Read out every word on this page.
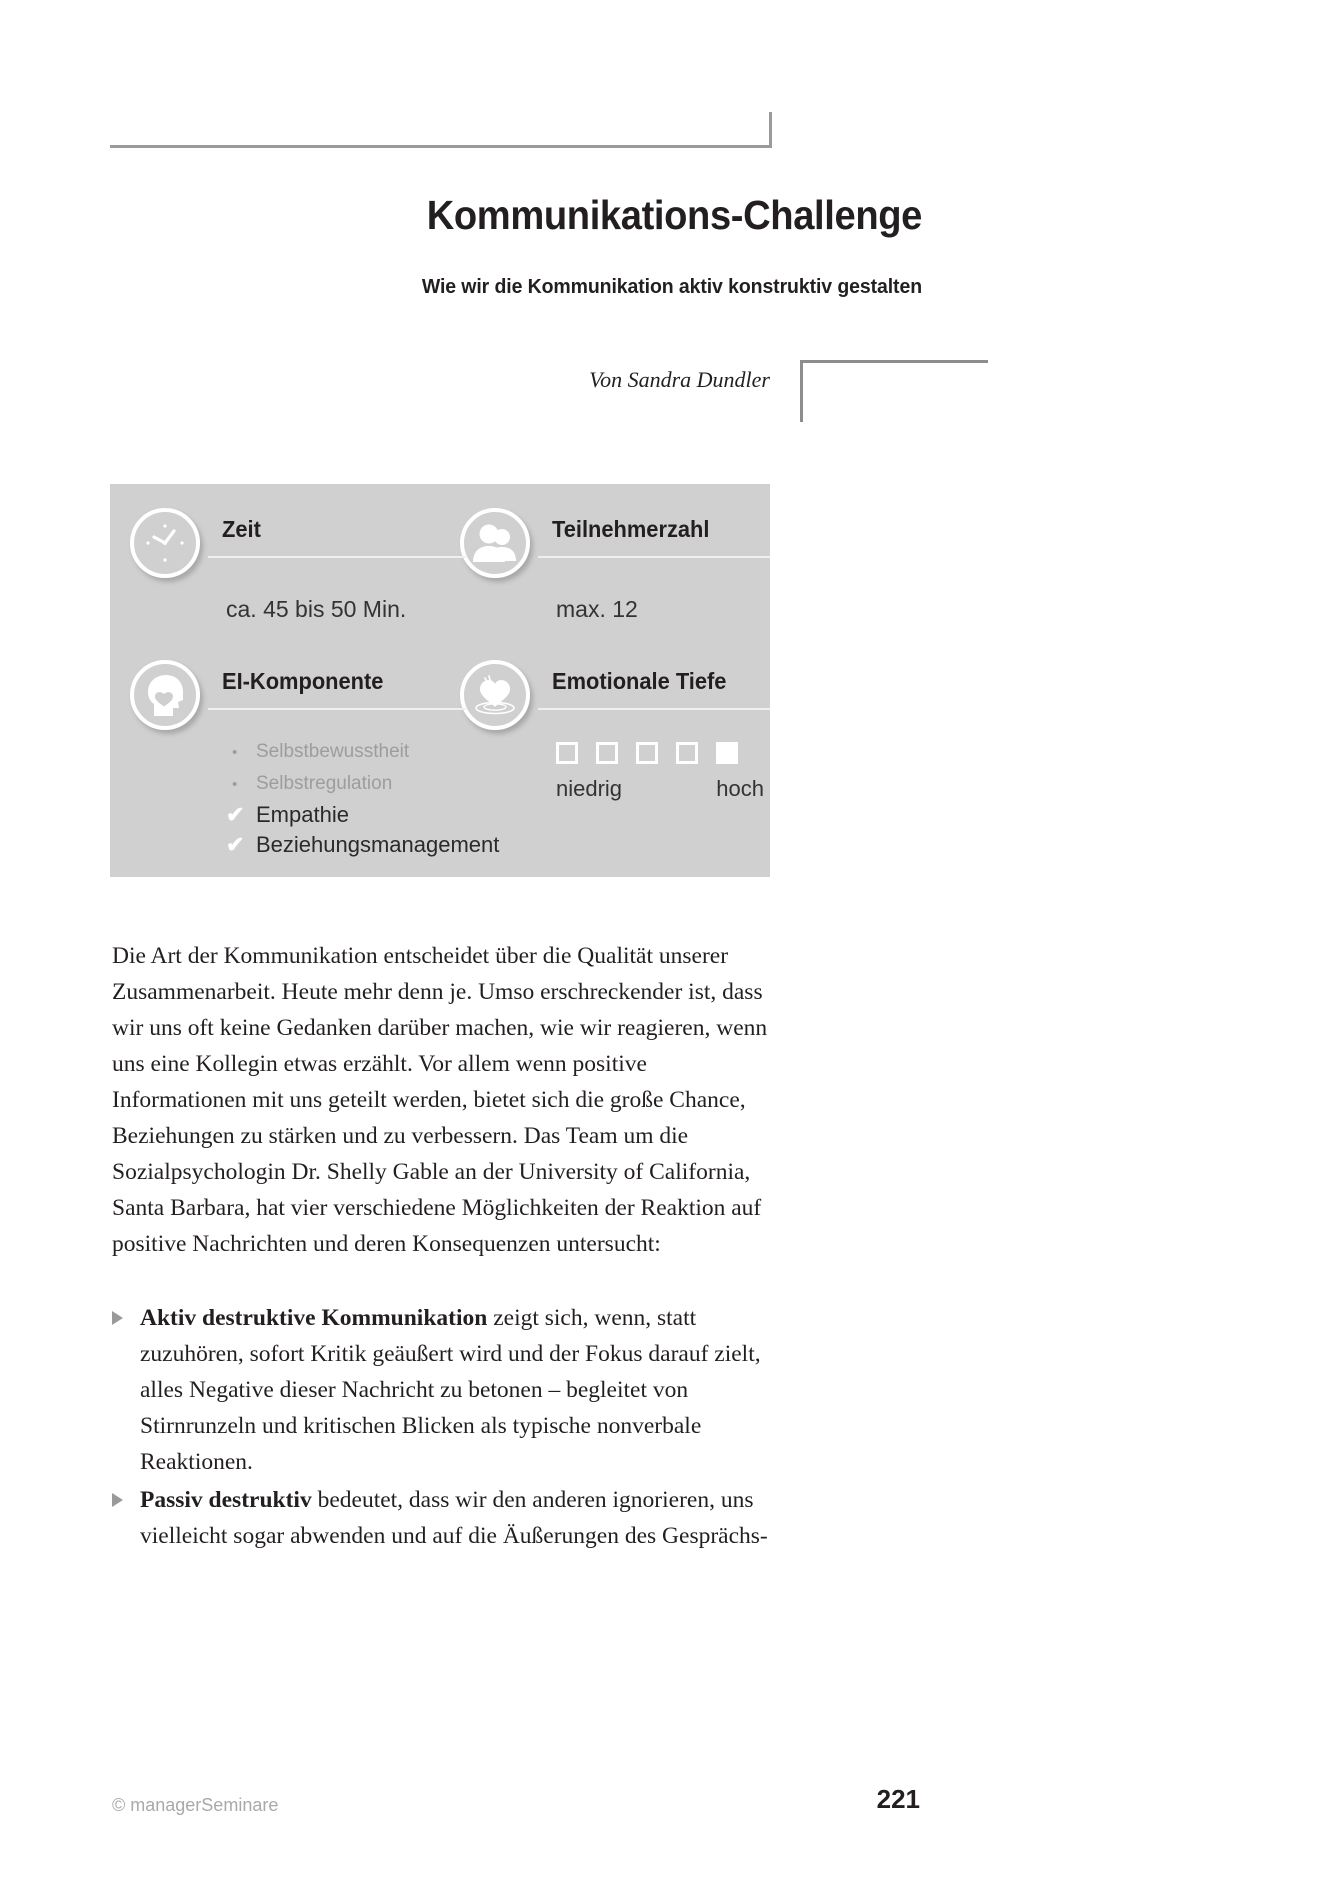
Kommunikations-Challenge
Wie wir die Kommunikation aktiv konstruktiv gestalten
Von Sandra Dundler
Zeit
ca. 45 bis 50 Min.
Teilnehmerzahl
max. 12
EI-Komponente
• Selbstbewusstheit
• Selbstregulation
✔ Empathie
✔ Beziehungsmanagement
Emotionale Tiefe
niedrig	hoch

Die Art der Kommunikation entscheidet über die Qualität unserer Zusammenarbeit. Heute mehr denn je. Umso erschreckender ist, dass wir uns oft keine Gedanken darüber machen, wie wir reagieren, wenn uns eine Kollegin etwas erzählt. Vor allem wenn positive Informationen mit uns geteilt werden, bietet sich die große Chance, Beziehungen zu stärken und zu verbessern. Das Team um die Sozialpsychologin Dr. Shelly Gable an der University of California, Santa Barbara, hat vier verschiedene Möglichkeiten der Reaktion auf positive Nachrichten und deren Konsequenzen untersucht:

Aktiv destruktive Kommunikation zeigt sich, wenn, statt zuzuhören, sofort Kritik geäußert wird und der Fokus darauf zielt, alles Negative dieser Nachricht zu betonen – begleitet von Stirnrunzeln und kritischen Blicken als typische nonverbale Reaktionen.
Passiv destruktiv bedeutet, dass wir den anderen ignorieren, uns vielleicht sogar abwenden und auf die Äußerungen des Gesprächs-
© managerSeminare	221
